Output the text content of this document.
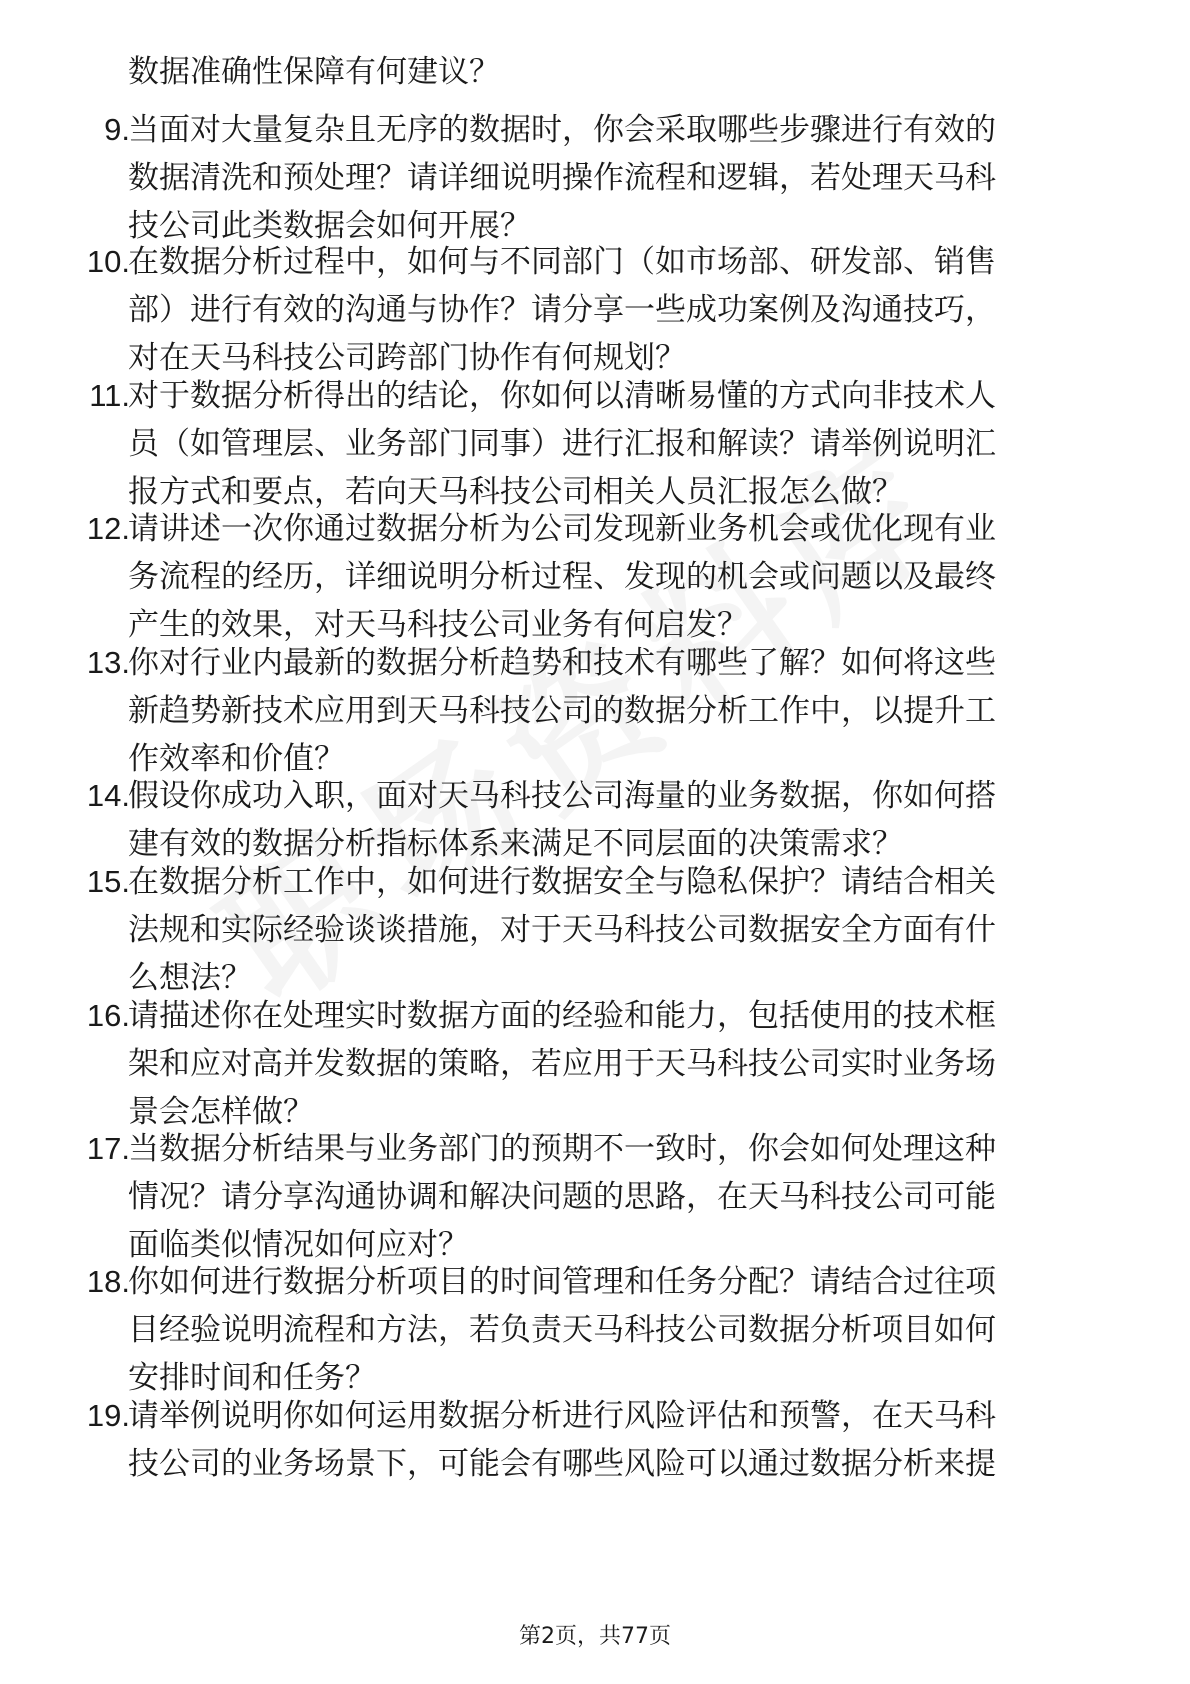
数据准确性保障有何建议？
9.
当面对大量复杂且无序的数据时，你会采取哪些步骤进行有效的
数据清洗和预处理？请详细说明操作流程和逻辑，若处理天马科
技公司此类数据会如何开展？
10.
在数据分析过程中，如何与不同部门（如市场部、研发部、销售
部）进行有效的沟通与协作？请分享一些成功案例及沟通技巧，
对在天马科技公司跨部门协作有何规划？
11.
对于数据分析得出的结论，你如何以清晰易懂的方式向非技术人
员（如管理层、业务部门同事）进行汇报和解读？请举例说明汇
报方式和要点，若向天马科技公司相关人员汇报怎么做？
12.
请讲述一次你通过数据分析为公司发现新业务机会或优化现有业
务流程的经历，详细说明分析过程、发现的机会或问题以及最终
产生的效果，对天马科技公司业务有何启发？
13.
你对行业内最新的数据分析趋势和技术有哪些了解？如何将这些
新趋势新技术应用到天马科技公司的数据分析工作中，以提升工
作效率和价值？
14.
假设你成功入职，面对天马科技公司海量的业务数据，你如何搭
建有效的数据分析指标体系来满足不同层面的决策需求？
15.
在数据分析工作中，如何进行数据安全与隐私保护？请结合相关
法规和实际经验谈谈措施，对于天马科技公司数据安全方面有什
么想法？
16.
请描述你在处理实时数据方面的经验和能力，包括使用的技术框
架和应对高并发数据的策略，若应用于天马科技公司实时业务场
景会怎样做？
17.
当数据分析结果与业务部门的预期不一致时，你会如何处理这种
情况？请分享沟通协调和解决问题的思路，在天马科技公司可能
面临类似情况如何应对？
18.
你如何进行数据分析项目的时间管理和任务分配？请结合过往项
目经验说明流程和方法，若负责天马科技公司数据分析项目如何
安排时间和任务？
19.
请举例说明你如何运用数据分析进行风险评估和预警，在天马科
技公司的业务场景下，可能会有哪些风险可以通过数据分析来提
第2页，共77页
